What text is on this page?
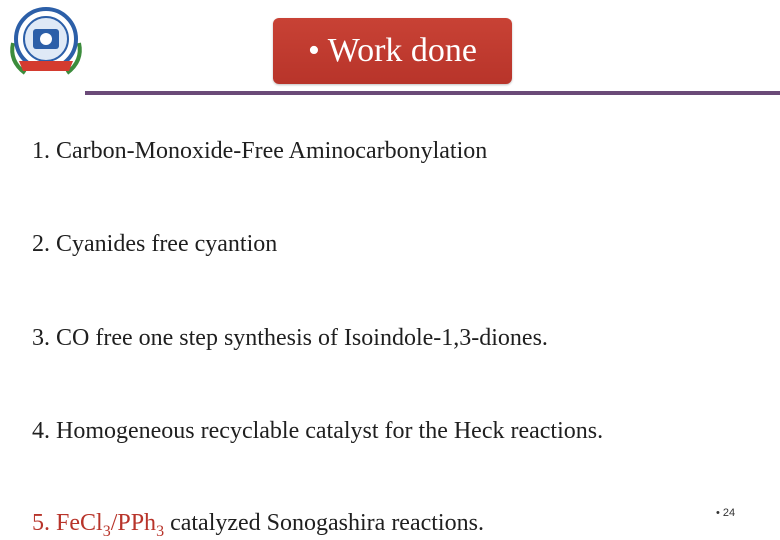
• Work done
1. Carbon-Monoxide-Free Aminocarbonylation
2. Cyanides free cyantion
3. CO free one step synthesis of Isoindole-1,3-diones.
4. Homogeneous recyclable catalyst for the Heck reactions.
5. FeCl$_3$/PPh$_3$ catalyzed Sonogashira reactions.	• 24
